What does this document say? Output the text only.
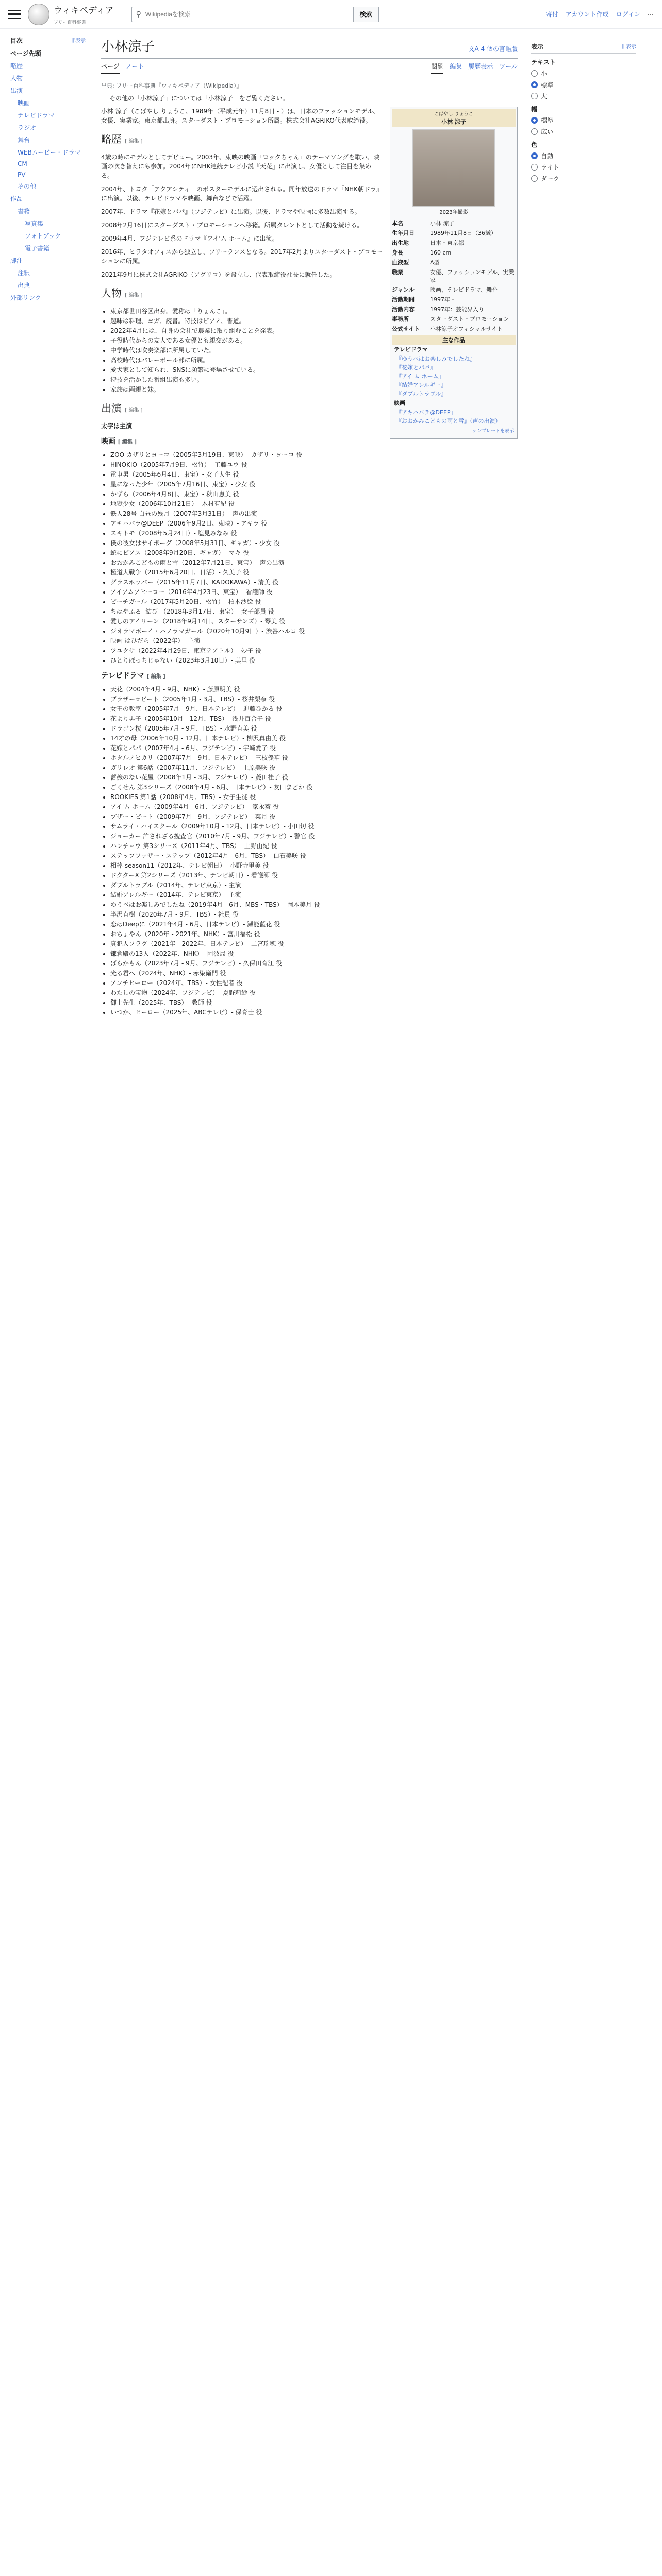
ウィキペディア
フリー百科事典
⚲
Wikipediaを検索	検索	寄付 アカウント作成 ログイン ⋯
目次	非表示
ページ先頭
略歴
人物
出演
映画
テレビドラマ
ラジオ
舞台
WEBムービー・ドラマ
CM
PV
その他
作品
書籍
写真集
フォトブック
電子書籍
脚注
注釈
出典
外部リンク
小林涼子	文A 4 個の言語版
ページ ノート	閲覧 編集 履歴表示 ツール
出典: フリー百科事典『ウィキペディア（Wikipedia）』
その他の「小林涼子」については「小林涼子」をご覧ください。
こばやし りょうこ
小林 涼子
2023年撮影
本名	小林 涼子
生年月日	1989年11月8日（36歳）
出生地	日本・東京都
身長	160 cm
血液型	A型
職業	女優、ファッションモデル、実業家
ジャンル	映画、テレビドラマ、舞台
活動期間	1997年 -
活動内容	1997年：芸能界入り
事務所	スターダスト・プロモーション
公式サイト	小林涼子オフィシャルサイト
主な作品
テレビドラマ
『ゆうべはお楽しみでしたね』
『花嫁とパパ』
『アイ'ム ホーム』
『結婚アレルギー』
『ダブルトラブル』
映画
『アキハバラ@DEEP』
『おおかみこどもの雨と雪』（声の出演）
テンプレートを表示

小林 涼子（こばやし りょうこ、1989年（平成元年）11月8日 - ）は、日本のファッションモデル、女優、実業家。東京都出身。スターダスト・プロモーション所属。株式会社AGRIKO代表取締役。

略歴 [ 編集 ]

4歳の時にモデルとしてデビュー。2003年、東映の映画『ロッタちゃん』のテーマソングを歌い、映画の吹き替えにも参加。2004年にNHK連続テレビ小説『天花』に出演し、女優として注目を集める。

2004年、トヨタ「アクアシティ」のポスターモデルに選出される。同年放送のドラマ『NHK朝ドラ』に出演。以後、テレビドラマや映画、舞台などで活躍。

2007年、ドラマ『花嫁とパパ』（フジテレビ）に出演。以後、ドラマや映画に多数出演する。

2008年2月16日にスターダスト・プロモーションへ移籍。所属タレントとして活動を続ける。

2009年4月、フジテレビ系のドラマ『アイ'ム ホーム』に出演。

2016年、ヒラタオフィスから独立し、フリーランスとなる。2017年2月よりスターダスト・プロモーションに所属。

2021年9月に株式会社AGRIKO（アグリコ）を設立し、代表取締役社長に就任した。

人物 [ 編集 ]
• 東京都世田谷区出身。愛称は「りょんこ」。
• 趣味は料理、ヨガ、読書。特技はピアノ、書道。
• 2022年4月には、自身の会社で農業に取り組むことを発表。
• 子役時代からの友人である女優とも親交がある。
• 中学時代は吹奏楽部に所属していた。
• 高校時代はバレーボール部に所属。
• 愛犬家として知られ、SNSに頻繁に登場させている。
• 特技を活かした番組出演も多い。
• 家族は両親と妹。
出演 [ 編集 ]

太字は主演

映画 [ 編集 ]
• ZOO カザリとヨーコ（2005年3月19日、東映）- カザリ・ヨーコ 役
• HINOKIO（2005年7月9日、松竹）- 工藤ユウ 役
• 電車男（2005年6月4日、東宝）- 女子大生 役
• 星になった少年（2005年7月16日、東宝）- 少女 役
• かずら（2006年4月8日、東宝）- 秋山恵美 役
• 地獄少女（2006年10月21日）- 木村有紀 役
• 鉄人28号 白昼の残月（2007年3月31日）- 声の出演
• アキハバラ@DEEP（2006年9月2日、東映）- アキラ 役
• スキトモ（2008年5月24日）- 塩見みなみ 役
• 僕の彼女はサイボーグ（2008年5月31日、ギャガ）- 少女 役
• 蛇にピアス（2008年9月20日、ギャガ）- マキ 役
• おおかみこどもの雨と雪（2012年7月21日、東宝）- 声の出演
• 極道大戦争（2015年6月20日、日活）- 久美子 役
• グラスホッパー（2015年11月7日、KADOKAWA）- 清美 役
• アイアムアヒーロー（2016年4月23日、東宝）- 看護師 役
• ピーチガール（2017年5月20日、松竹）- 柏木沙絵 役
• ちはやふる -結び-（2018年3月17日、東宝）- 女子部員 役
• 愛しのアイリーン（2018年9月14日、スターサンズ）- 琴美 役
• ジオラマボーイ・パノラマガール（2020年10月9日）- 渋谷ハルコ 役
• 映画 はぴだら（2022年）- 主演
• ツユクサ（2022年4月29日、東京テアトル）- 妙子 役
• ひとりぼっちじゃない（2023年3月10日）- 美里 役
テレビドラマ [ 編集 ]
• 天花（2004年4月 - 9月、NHK）- 藤原明美 役
• ブラザー☆ビート（2005年1月 - 3月、TBS）- 桜井梨奈 役
• 女王の教室（2005年7月 - 9月、日本テレビ）- 進藤ひかる 役
• 花より男子（2005年10月 - 12月、TBS）- 浅井百合子 役
• ドラゴン桜（2005年7月 - 9月、TBS）- 水野直美 役
• 14才の母（2006年10月 - 12月、日本テレビ）- 柳沢真由美 役
• 花嫁とパパ（2007年4月 - 6月、フジテレビ）- 宇崎愛子 役
• ホタルノヒカリ（2007年7月 - 9月、日本テレビ）- 三枝優華 役
• ガリレオ 第6話（2007年11月、フジテレビ）- 上原美咲 役
• 薔薇のない花屋（2008年1月 - 3月、フジテレビ）- 菱田桂子 役
• ごくせん 第3シリーズ（2008年4月 - 6月、日本テレビ）- 友田まどか 役
• ROOKIES 第1話（2008年4月、TBS）- 女子生徒 役
• アイ'ム ホーム（2009年4月 - 6月、フジテレビ）- 家永葵 役
• ブザー・ビート（2009年7月 - 9月、フジテレビ）- 菜月 役
• サムライ・ハイスクール（2009年10月 - 12月、日本テレビ）- 小田切 役
• ジョーカー 許されざる捜査官（2010年7月 - 9月、フジテレビ）- 警官 役
• ハンチョウ 第3シリーズ（2011年4月、TBS）- 上野由紀 役
• ステップファザー・ステップ（2012年4月 - 6月、TBS）- 白石美咲 役
• 相棒 season11（2012年、テレビ朝日）- 小野寺里美 役
• ドクターX 第2シリーズ（2013年、テレビ朝日）- 看護師 役
• ダブルトラブル（2014年、テレビ東京）- 主演
• 結婚アレルギー（2014年、テレビ東京）- 主演
• ゆうべはお楽しみでしたね（2019年4月 - 6月、MBS・TBS）- 岡本美月 役
• 半沢直樹（2020年7月 - 9月、TBS）- 社員 役
• 恋はDeepに（2021年4月 - 6月、日本テレビ）- 瀬能藍花 役
• おちょやん（2020年 - 2021年、NHK）- 富川福松 役
• 真犯人フラグ（2021年 - 2022年、日本テレビ）- 二宮瑞穂 役
• 鎌倉殿の13人（2022年、NHK）- 阿波局 役
• ばらかもん（2023年7月 - 9月、フジテレビ）- 久保田育江 役
• 光る君へ（2024年、NHK）- 赤染衛門 役
• アンチヒーロー（2024年、TBS）- 女性記者 役
• わたしの宝物（2024年、フジテレビ）- 夏野莉紗 役
• 御上先生（2025年、TBS）- 教師 役
• いつか、ヒーロー（2025年、ABCテレビ）- 保育士 役
表示	非表示
テキスト
小
標準
大
幅
標準
広い
色
自動
ライト
ダーク
